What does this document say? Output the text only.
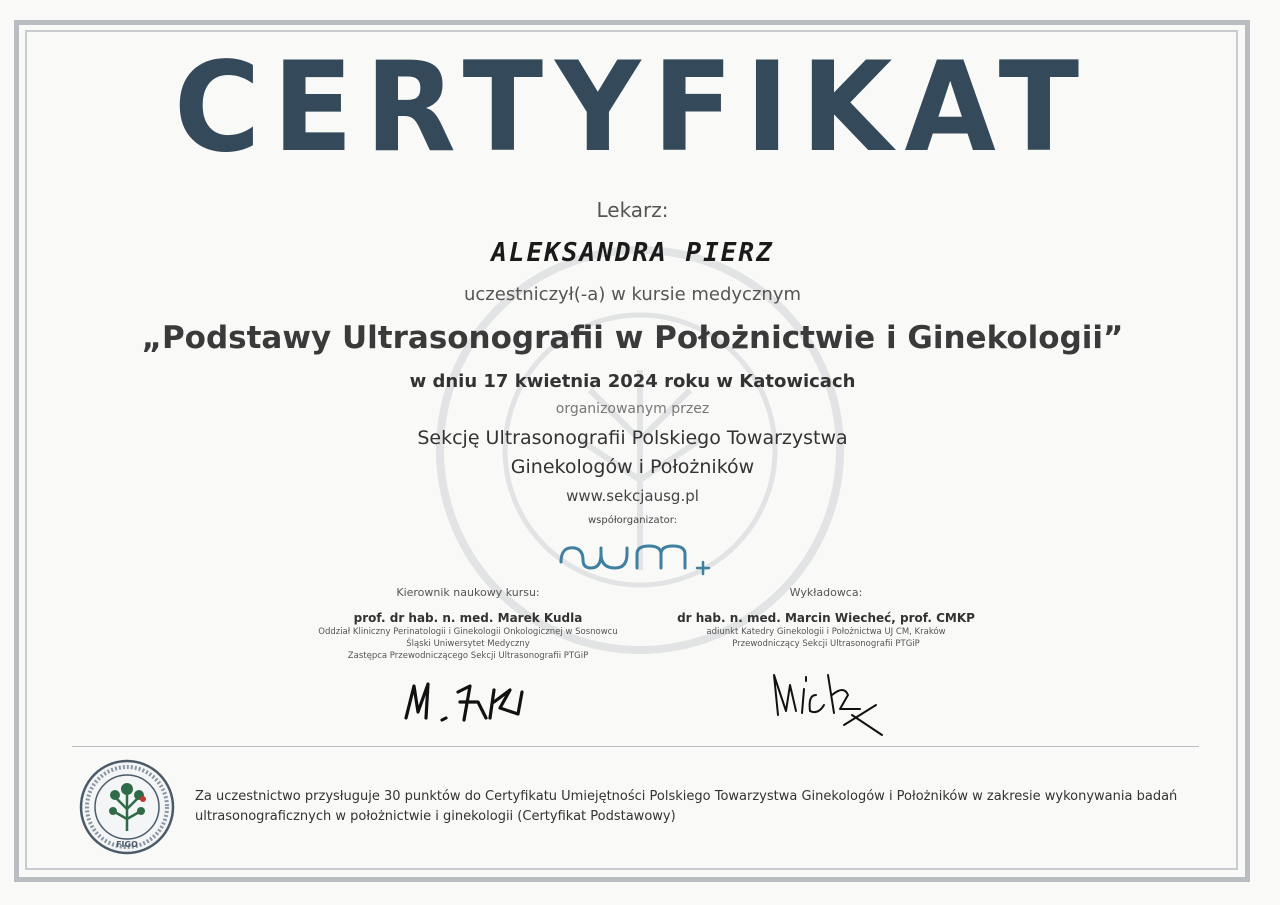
CERTYFIKAT
Lekarz:
ALEKSANDRA PIERZ
uczestniczył(-a) w kursie medycznym
„Podstawy Ultrasonografii w Położnictwie i Ginekologii”
w dniu 17 kwietnia 2024 roku w Katowicach
organizowanym przez
Sekcję Ultrasonografii Polskiego Towarzystwa
Ginekologów i Położników
www.sekcjausg.pl
współorganizator:
Kierownik naukowy kursu:
prof. dr hab. n. med. Marek Kudla
Oddział Kliniczny Perinatologii i Ginekologii Onkologicznej w Sosnowcu
Śląski Uniwersytet Medyczny
Zastępca Przewodniczącego Sekcji Ultrasonografii PTGiP
Wykładowca:
dr hab. n. med. Marcin Wiecheć, prof. CMKP
adiunkt Katedry Ginekologii i Położnictwa UJ CM, Kraków
Przewodniczący Sekcji Ultrasonografii PTGiP
FIGO
Za uczestnictwo przysługuje 30 punktów do Certyfikatu Umiejętności Polskiego Towarzystwa Ginekologów i Położników w zakresie wykonywania badań
ultrasonograficznych w położnictwie i ginekologii (Certyfikat Podstawowy)
